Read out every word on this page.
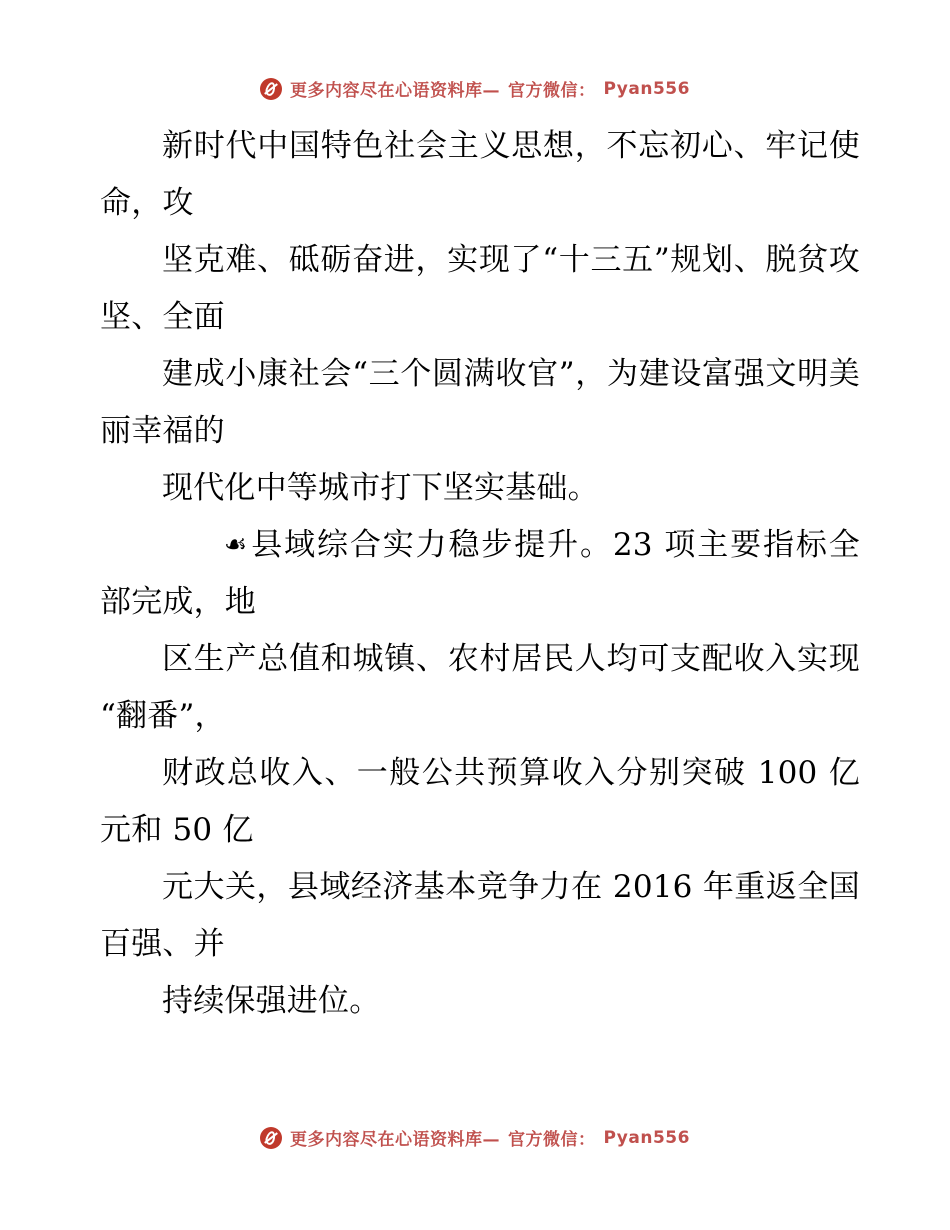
更多内容尽在心语资料库— 官方微信： Pyan556

新时代中国特色社会主义思想，不忘初心、牢记使命，攻

坚克难、砥砺奋进，实现了“十三五”规划、脱贫攻坚、全面

建成小康社会“三个圆满收官”，为建设富强文明美丽幸福的

现代化中等城市打下坚实基础。

☙县域综合实力稳步提升。23 项主要指标全部完成，地

区生产总值和城镇、农村居民人均可支配收入实现“翻番”，

财政总收入、一般公共预算收入分别突破 100 亿元和 50 亿

元大关，县域经济基本竞争力在 2016 年重返全国百强、并

持续保强进位。

更多内容尽在心语资料库— 官方微信： Pyan556
